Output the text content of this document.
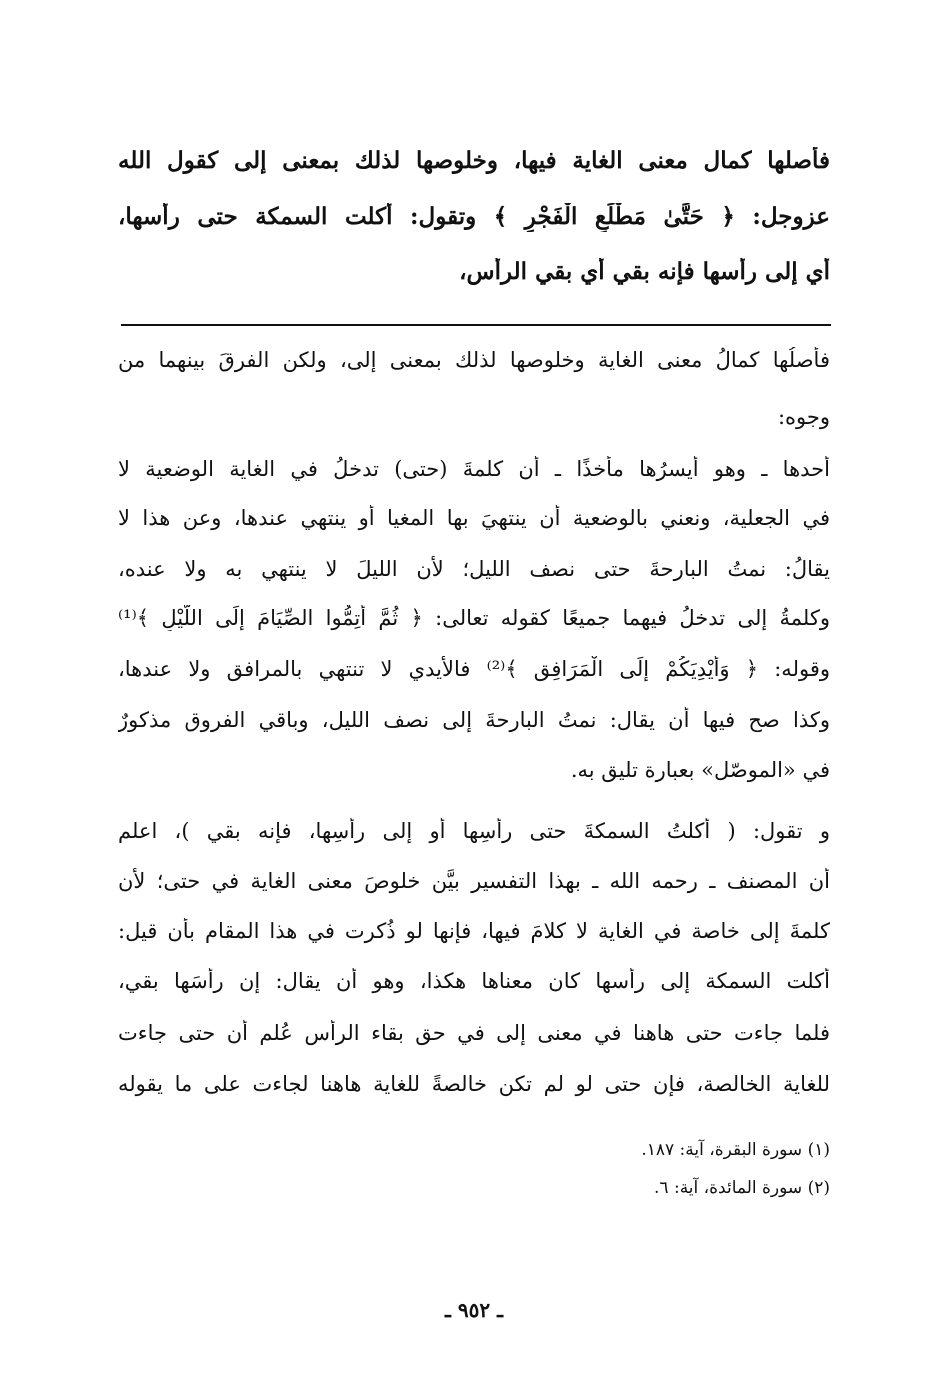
فأصلها كمال معنى الغاية فيها، وخلوصها لذلك بمعنى إلى كقول الله
عزوجل: ﴿ حَتَّىٰ مَطْلَعِ الْفَجْرِ ﴾ وتقول: أكلت السمكة حتى رأسها،
أي إلى رأسها فإنه بقي أي بقي الرأس،
فأصلُها كمالُ معنى الغاية وخلوصها لذلك بمعنى إلى، ولكن الفرقَ بينهما من
وجوه:
أحدها ـ وهو أيسرُها مأخذًا ـ أن كلمةَ (حتى) تدخلُ في الغاية الوضعية لا
في الجعلية، ونعني بالوضعية أن ينتهيَ بها المغيا أو ينتهي عندها، وعن هذا لا
يقالُ: نمتُ البارحةَ حتى نصف الليل؛ لأن الليلَ لا ينتهي به ولا عنده،
وكلمةُ إلى تدخلُ فيهما جميعًا كقوله تعالى: ﴿ ثُمَّ أَتِمُّوا الصِّيَامَ إِلَى اللَّيْلِ ﴾⁽¹⁾
وقوله: ﴿ وَأَيْدِيَكُمْ إِلَى الْمَرَافِقِ ﴾⁽²⁾ فالأيدي لا تنتهي بالمرافق ولا عندها،
وكذا صح فيها أن يقال: نمتُ البارحةَ إلى نصف الليل، وباقي الفروق مذكورٌ
في «الموصّل» بعبارة تليق به.
و تقول: ( أكلتُ السمكةَ حتى رأسِها أو إلى رأسِها، فإنه بقي )، اعلم
أن المصنف ـ رحمه الله ـ بهذا التفسير بيَّن خلوصَ معنى الغاية في حتى؛ لأن
كلمةَ إلى خاصة في الغاية لا كلامَ فيها، فإنها لو ذُكرت في هذا المقام بأن قيل:
أكلت السمكة إلى رأسها كان معناها هكذا، وهو أن يقال: إن رأسَها بقي،
فلما جاءت حتى هاهنا في معنى إلى في حق بقاء الرأس عُلم أن حتى جاءت
للغاية الخالصة، فإن حتى لو لم تكن خالصةً للغاية هاهنا لجاءت على ما يقوله
(١) سورة البقرة، آية: ١٨٧.
(٢) سورة المائدة، آية: ٦.
ـ ٩٥٢ ـ
